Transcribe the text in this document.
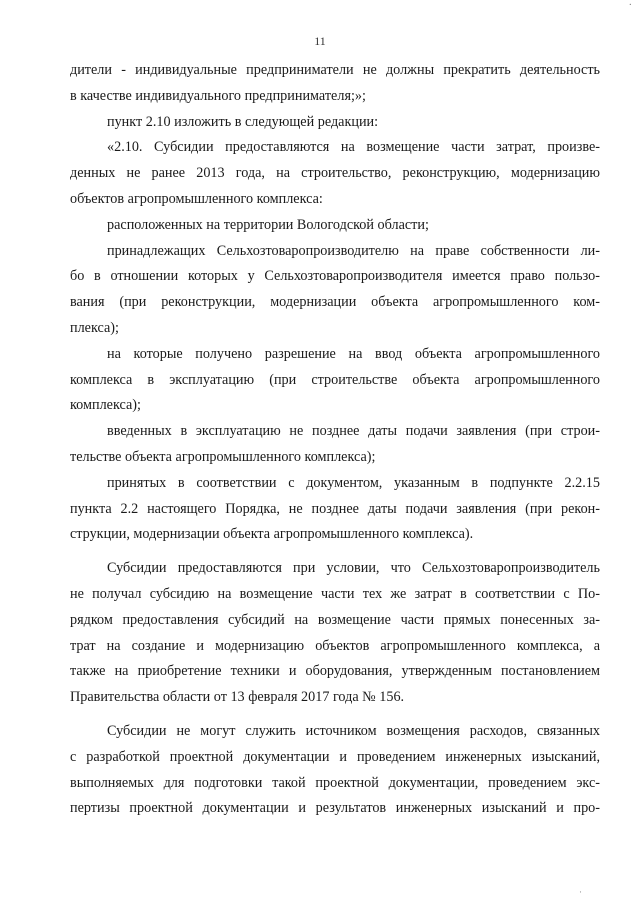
·
11
дители - индивидуальные предприниматели не должны прекратить деятельность
в качестве индивидуального предпринимателя;»;
пункт 2.10 изложить в следующей редакции:
«2.10. Субсидии предоставляются на возмещение части затрат, произве-
денных не ранее 2013 года, на строительство, реконструкцию, модернизацию
объектов агропромышленного комплекса:
расположенных на территории Вологодской области;
принадлежащих Сельхозтоваропроизводителю на праве собственности ли-
бо в отношении которых у Сельхозтоваропроизводителя имеется право пользо-
вания (при реконструкции, модернизации объекта агропромышленного ком-
плекса);
на которые получено разрешение на ввод объекта агропромышленного
комплекса в эксплуатацию (при строительстве объекта агропромышленного
комплекса);
введенных в эксплуатацию не позднее даты подачи заявления (при строи-
тельстве объекта агропромышленного комплекса);
принятых в соответствии с документом, указанным в подпункте 2.2.15
пункта 2.2 настоящего Порядка, не позднее даты подачи заявления (при рекон-
струкции, модернизации объекта агропромышленного комплекса).
Субсидии предоставляются при условии, что Сельхозтоваропроизводитель
не получал субсидию на возмещение части тех же затрат в соответствии с По-
рядком предоставления субсидий на возмещение части прямых понесенных за-
трат на создание и модернизацию объектов агропромышленного комплекса, а
также на приобретение техники и оборудования, утвержденным постановлением
Правительства области от 13 февраля 2017 года № 156.
Субсидии не могут служить источником возмещения расходов, связанных
с разработкой проектной документации и проведением инженерных изысканий,
выполняемых для подготовки такой проектной документации, проведением экс-
пертизы проектной документации и результатов инженерных изысканий и про-
·
